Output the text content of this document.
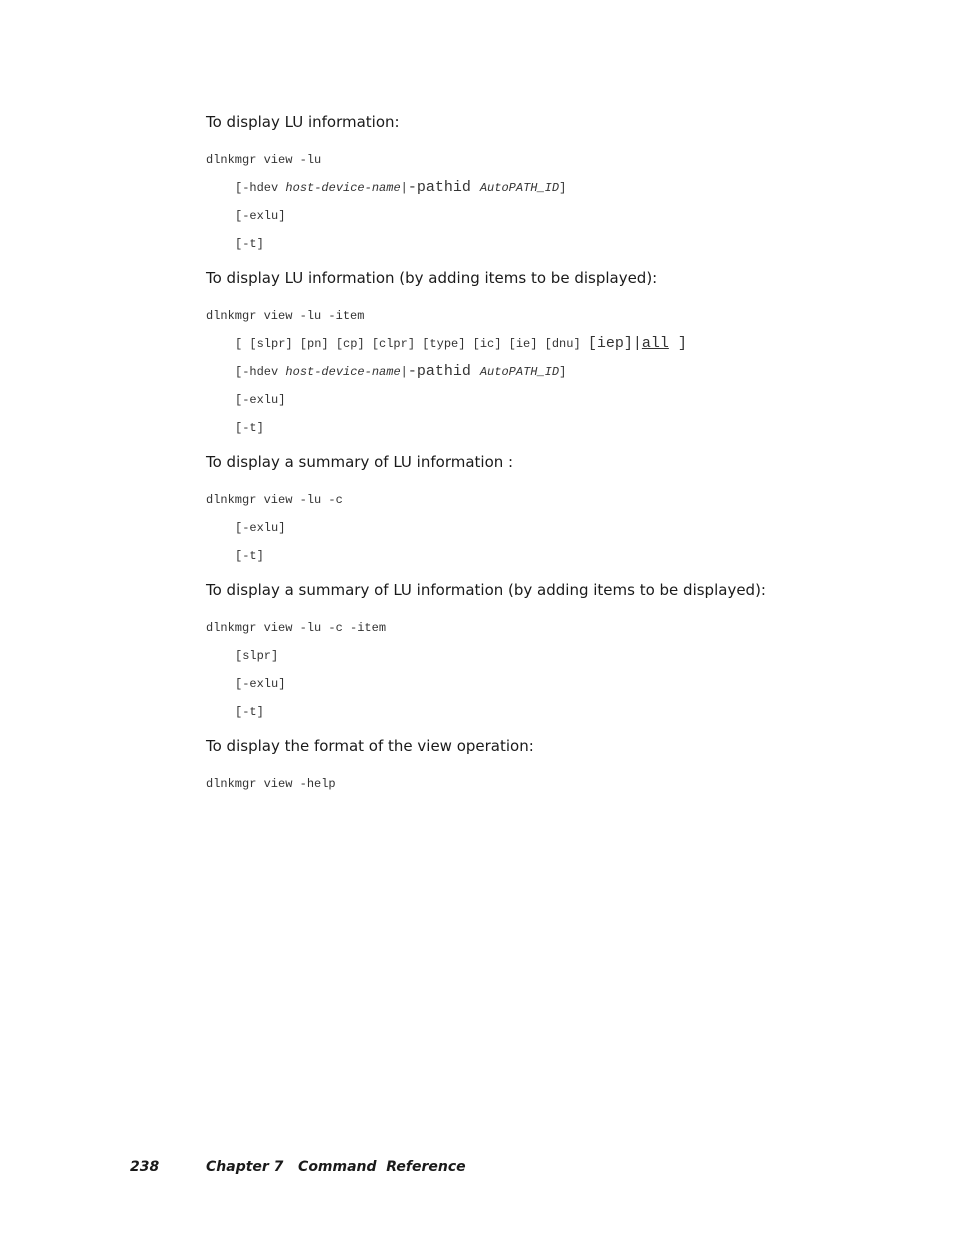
To display LU information:

dlnkmgr view -lu

[-hdev host-device-name|-pathid AutoPATH_ID]

[-exlu]

[-t]

To display LU information (by adding items to be displayed):

dlnkmgr view -lu -item

[ [slpr] [pn] [cp] [clpr] [type] [ic] [ie] [dnu] [iep]|all ]

[-hdev host-device-name|-pathid AutoPATH_ID]

[-exlu]

[-t]

To display a summary of LU information :

dlnkmgr view -lu -c

[-exlu]

[-t]

To display a summary of LU information (by adding items to be displayed):

dlnkmgr view -lu -c -item

[slpr]

[-exlu]

[-t]

To display the format of the view operation:

dlnkmgr view -help

238	Chapter 7   Command  Reference
